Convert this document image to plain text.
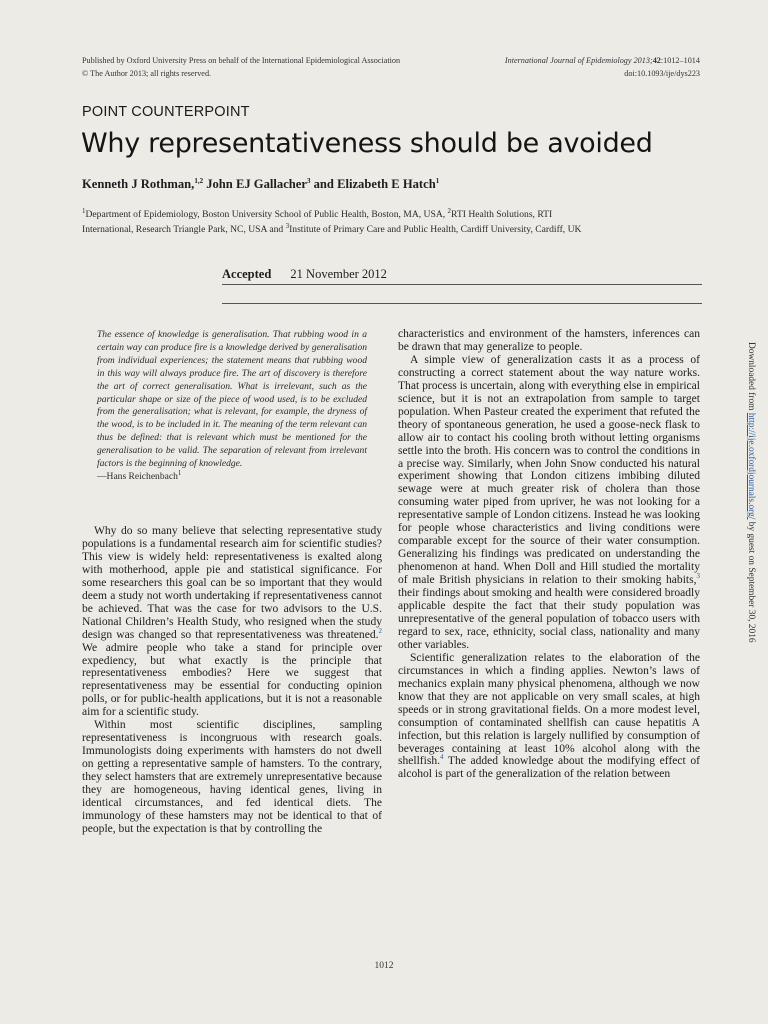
Published by Oxford University Press on behalf of the International Epidemiological Association
© The Author 2013; all rights reserved.
International Journal of Epidemiology 2013;42:1012–1014
doi:10.1093/ije/dys223
POINT COUNTERPOINT
Why representativeness should be avoided
Kenneth J Rothman,$^{1,2}$ John EJ Gallacher$^3$ and Elizabeth E Hatch$^1$
$^1$Department of Epidemiology, Boston University School of Public Health, Boston, MA, USA, $^2$RTI Health Solutions, RTI
International, Research Triangle Park, NC, USA and $^3$Institute of Primary Care and Public Health, Cardiff University, Cardiff, UK
Accepted 21 November 2012
The essence of knowledge is generalisation. That rubbing wood in a certain way can produce fire is a knowledge derived by generalisation from individual experiences; the statement means that rubbing wood in this way will always produce fire. The art of discovery is therefore the art of correct generalisation. What is irrelevant, such as the particular shape or size of the piece of wood used, is to be excluded from the generalisation; what is relevant, for example, the dryness of the wood, is to be included in it. The meaning of the term relevant can thus be defined: that is relevant which must be mentioned for the generalisation to be valid. The separation of relevant from irrelevant factors is the beginning of knowledge.
—Hans Reichenbach$^1$

Why do so many believe that selecting representative study populations is a fundamental research aim for scientific studies? This view is widely held: representativeness is exalted along with motherhood, apple pie and statistical significance. For some researchers this goal can be so important that they would deem a study not worth undertaking if representativeness cannot be achieved. That was the case for two advisors to the U.S. National Children’s Health Study, who resigned when the study design was changed so that representativeness was threatened.$^2$ We admire people who take a stand for principle over expediency, but what exactly is the principle that representativeness embodies? Here we suggest that representativeness may be essential for conducting opinion polls, or for public-health applications, but it is not a reasonable aim for a scientific study.

Within most scientific disciplines, sampling representativeness is incongruous with research goals. Immunologists doing experiments with hamsters do not dwell on getting a representative sample of hamsters. To the contrary, they select hamsters that are extremely unrepresentative because they are homogeneous, having identical genes, living in identical circumstances, and fed identical diets. The immunology of these hamsters may not be identical to that of people, but the expectation is that by controlling the

characteristics and environment of the hamsters, inferences can be drawn that may generalize to people.

A simple view of generalization casts it as a process of constructing a correct statement about the way nature works. That process is uncertain, along with everything else in empirical science, but it is not an extrapolation from sample to target population. When Pasteur created the experiment that refuted the theory of spontaneous generation, he used a goose-neck flask to allow air to contact his cooling broth without letting organisms settle into the broth. His concern was to control the conditions in a precise way. Similarly, when John Snow conducted his natural experiment showing that London citizens imbibing diluted sewage were at much greater risk of cholera than those consuming water piped from upriver, he was not looking for a representative sample of London citizens. Instead he was looking for people whose characteristics and living conditions were comparable except for the source of their water consumption. Generalizing his findings was predicated on understanding the phenomenon at hand. When Doll and Hill studied the mortality of male British physicians in relation to their smoking habits,$^3$ their findings about smoking and health were considered broadly applicable despite the fact that their study population was unrepresentative of the general population of tobacco users with regard to sex, race, ethnicity, social class, nationality and many other variables.

Scientific generalization relates to the elaboration of the circumstances in which a finding applies. Newton’s laws of mechanics explain many physical phenomena, although we now know that they are not applicable on very small scales, at high speeds or in strong gravitational fields. On a more modest level, consumption of contaminated shellfish can cause hepatitis A infection, but this relation is largely nullified by consumption of beverages containing at least 10% alcohol along with the shellfish.$^4$ The added knowledge about the modifying effect of alcohol is part of the generalization of the relation between

Downloaded from http://ije.oxfordjournals.org/ by guest on September 30, 2016
1012
